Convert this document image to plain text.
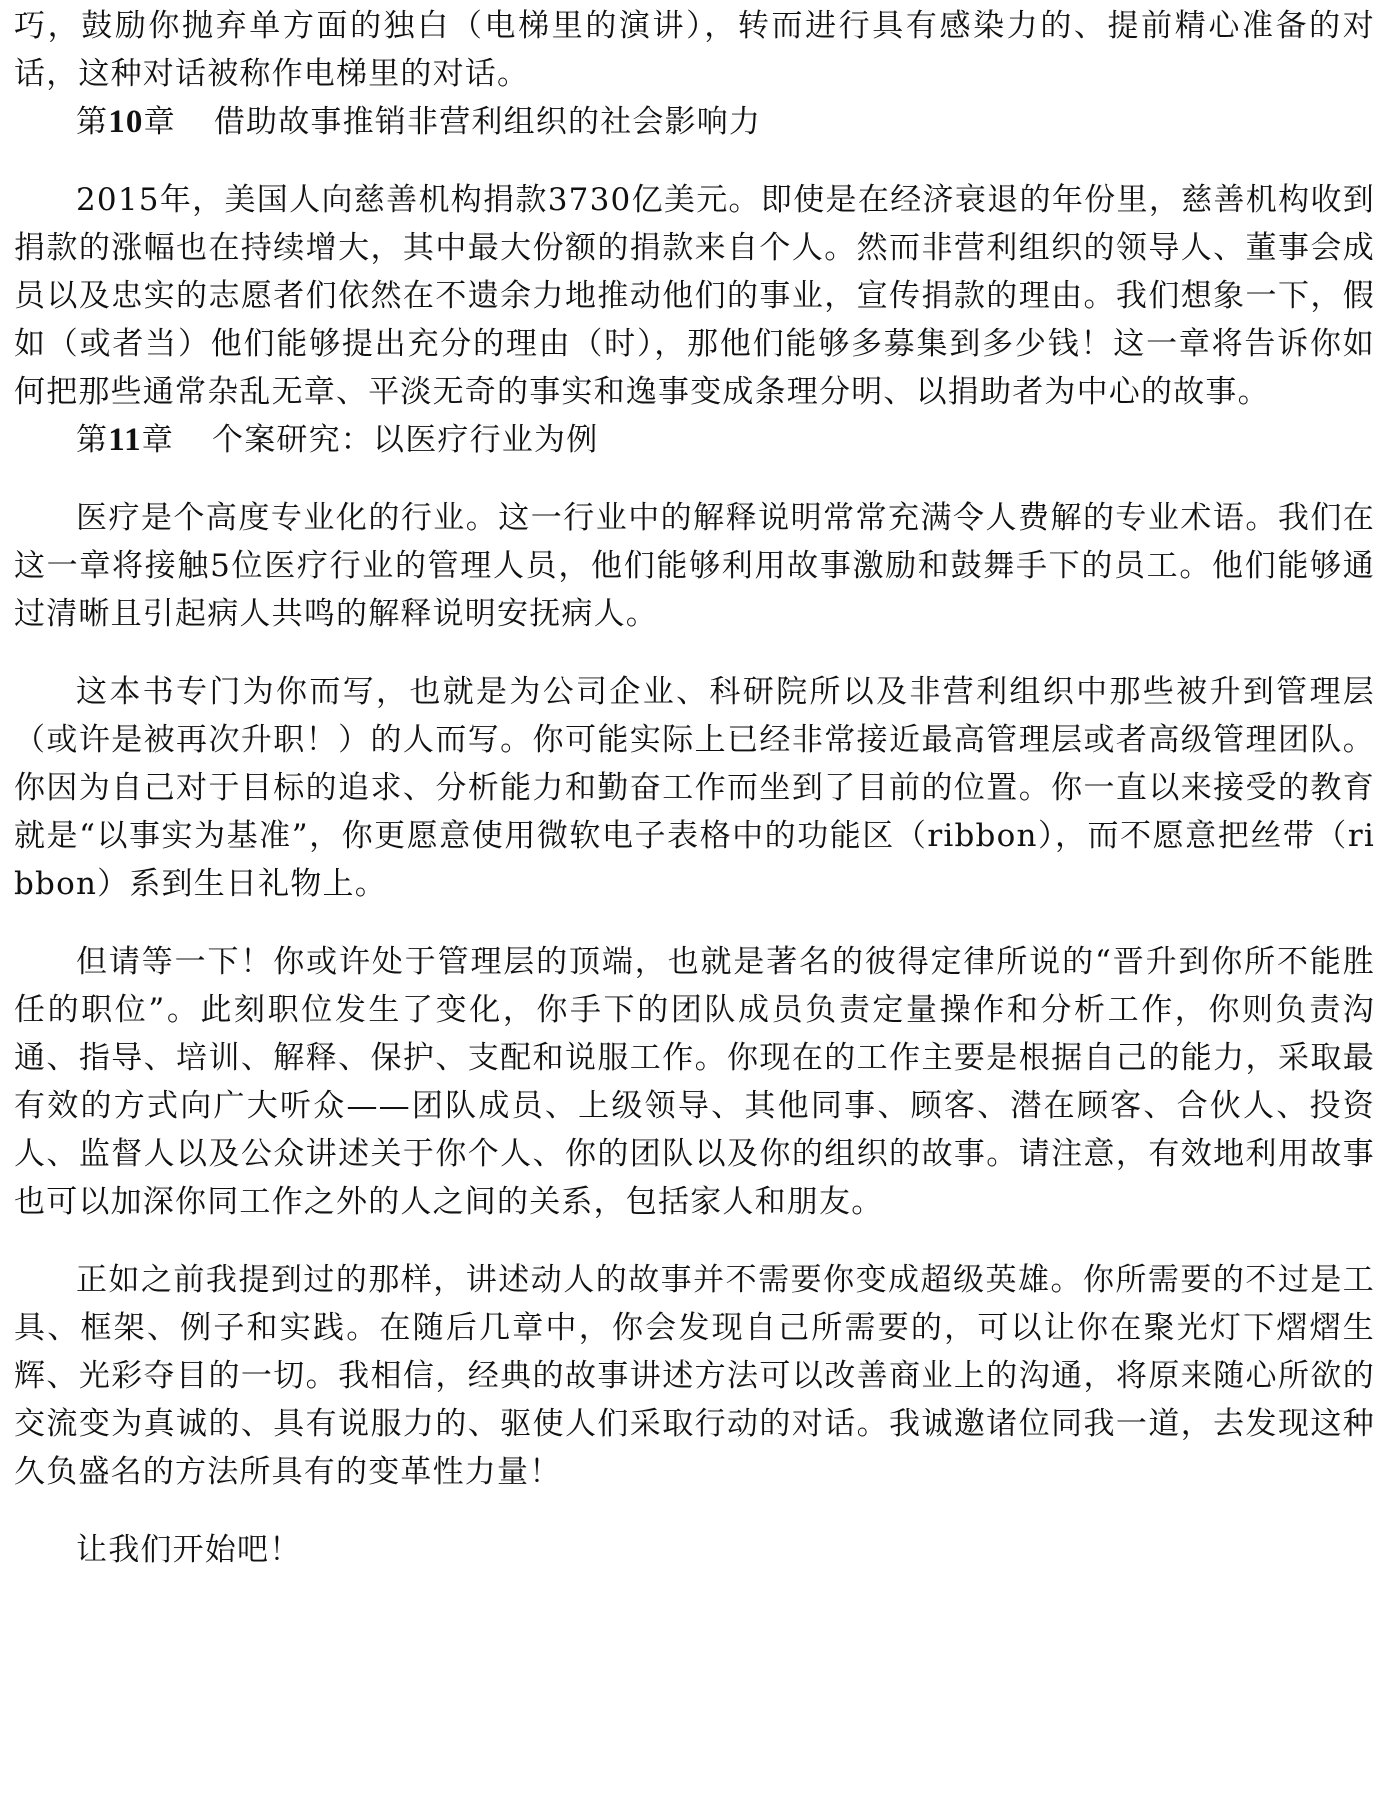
巧，鼓励你抛弃单方面的独白（电梯里的演讲），转而进行具有感染力的、提前精心准备的对话，这种对话被称作电梯里的对话。

第10章 借助故事推销非营利组织的社会影响力

2015年，美国人向慈善机构捐款3730亿美元。即使是在经济衰退的年份里，慈善机构收到捐款的涨幅也在持续增大，其中最大份额的捐款来自个人。然而非营利组织的领导人、董事会成员以及忠实的志愿者们依然在不遗余力地推动他们的事业，宣传捐款的理由。我们想象一下，假如（或者当）他们能够提出充分的理由（时），那他们能够多募集到多少钱！这一章将告诉你如何把那些通常杂乱无章、平淡无奇的事实和逸事变成条理分明、以捐助者为中心的故事。

第11章 个案研究：以医疗行业为例

医疗是个高度专业化的行业。这一行业中的解释说明常常充满令人费解的专业术语。我们在这一章将接触5位医疗行业的管理人员，他们能够利用故事激励和鼓舞手下的员工。他们能够通过清晰且引起病人共鸣的解释说明安抚病人。

这本书专门为你而写，也就是为公司企业、科研院所以及非营利组织中那些被升到管理层（或许是被再次升职！）的人而写。你可能实际上已经非常接近最高管理层或者高级管理团队。你因为自己对于目标的追求、分析能力和勤奋工作而坐到了目前的位置。你一直以来接受的教育就是“以事实为基准”，你更愿意使用微软电子表格中的功能区（ribbon），而不愿意把丝带（ribbon）系到生日礼物上。

但请等一下！你或许处于管理层的顶端，也就是著名的彼得定律所说的“晋升到你所不能胜任的职位”。此刻职位发生了变化，你手下的团队成员负责定量操作和分析工作，你则负责沟通、指导、培训、解释、保护、支配和说服工作。你现在的工作主要是根据自己的能力，采取最有效的方式向广大听众——团队成员、上级领导、其他同事、顾客、潜在顾客、合伙人、投资人、监督人以及公众讲述关于你个人、你的团队以及你的组织的故事。请注意，有效地利用故事也可以加深你同工作之外的人之间的关系，包括家人和朋友。

正如之前我提到过的那样，讲述动人的故事并不需要你变成超级英雄。你所需要的不过是工具、框架、例子和实践。在随后几章中，你会发现自己所需要的，可以让你在聚光灯下熠熠生辉、光彩夺目的一切。我相信，经典的故事讲述方法可以改善商业上的沟通，将原来随心所欲的交流变为真诚的、具有说服力的、驱使人们采取行动的对话。我诚邀诸位同我一道，去发现这种久负盛名的方法所具有的变革性力量！

让我们开始吧！
